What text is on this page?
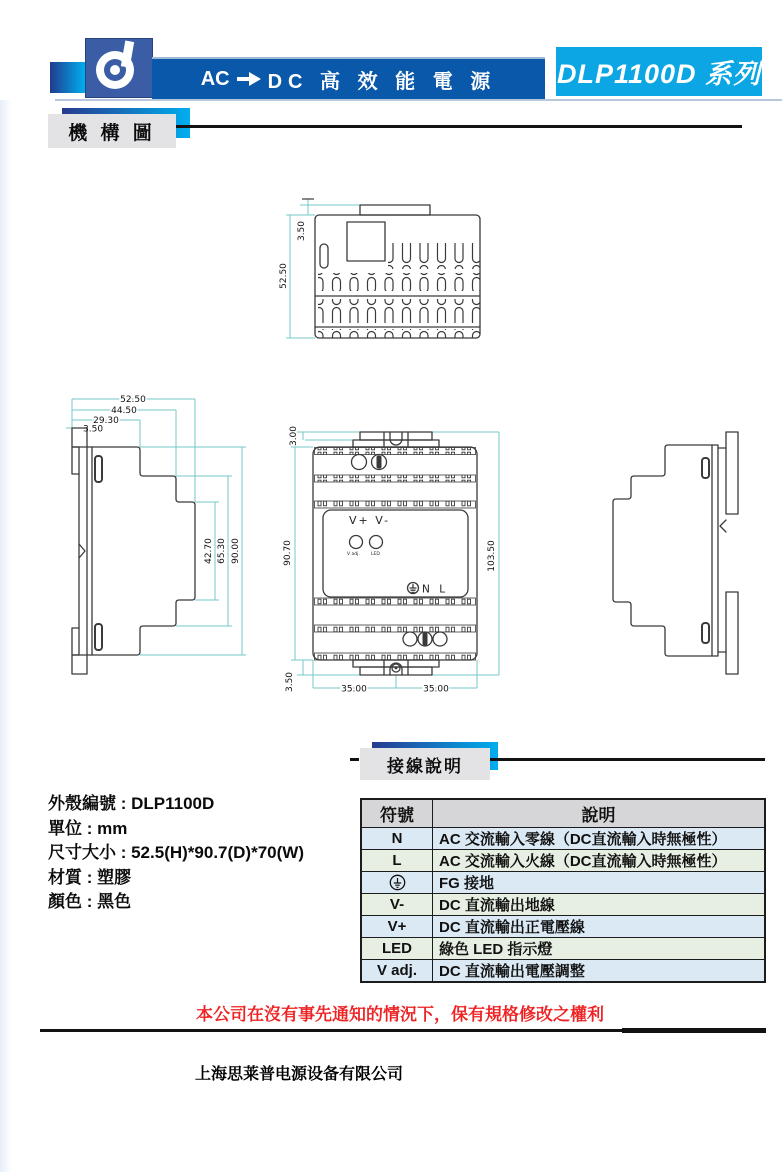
AC DC 高 效 能 電 源 DLP1100D 系列
機 構 圖
52.50
3.50
52.50
44.50
29.30
3.50
42.70 65.30 90.00
V+ V-
V adj. LED
N L
3.00
90.70	103.50
3.50	35.00	35.00
接線說明
外殼編號 : DLP1100D
單位 : mm
尺寸大小 : 52.5(H)*90.7(D)*70(W)
材質 : 塑膠
顏色 : 黑色
符號	說明
N	AC 交流輸入零線（DC直流輸入時無極性）
L	AC 交流輸入火線（DC直流輸入時無極性）
	FG 接地
V-	DC 直流輸出地線
V+	DC 直流輸出正電壓線
LED	綠色 LED 指示燈
V adj.	DC 直流輸出電壓調整
本公司在沒有事先通知的情況下，保有規格修改之權利
上海思莱普电源设备有限公司
